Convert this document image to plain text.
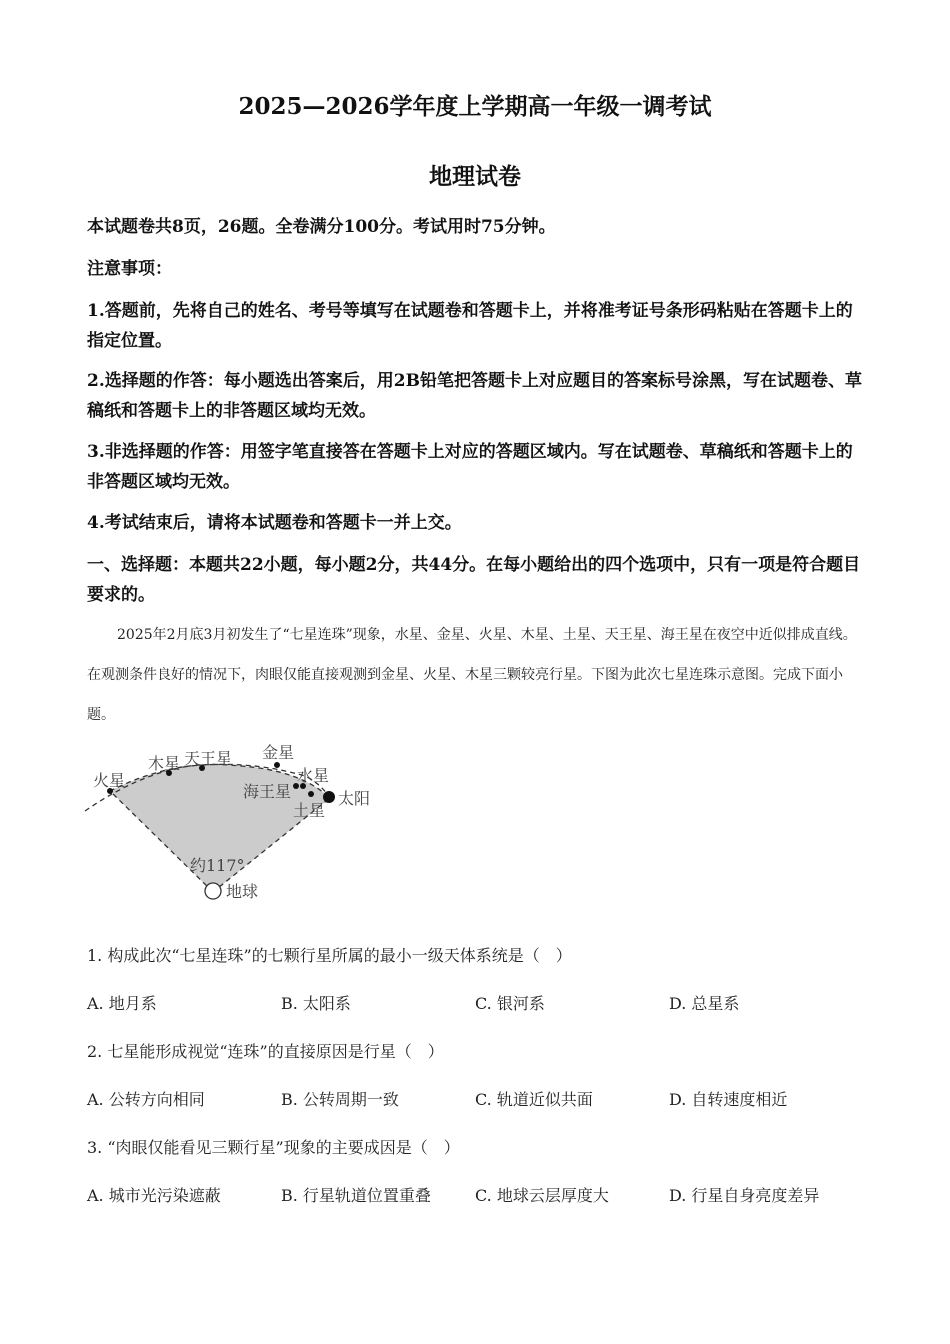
2025—2026学年度上学期高一年级一调考试
地理试卷
本试题卷共8页，26题。全卷满分100分。考试用时75分钟。
注意事项：
1.答题前，先将自己的姓名、考号等填写在试题卷和答题卡上，并将准考证号条形码粘贴在答题卡上的指定位置。
2.选择题的作答：每小题选出答案后，用2B铅笔把答题卡上对应题目的答案标号涂黑，写在试题卷、草稿纸和答题卡上的非答题区域均无效。
3.非选择题的作答：用签字笔直接答在答题卡上对应的答题区域内。写在试题卷、草稿纸和答题卡上的非答题区域均无效。
4.考试结束后，请将本试题卷和答题卡一并上交。
一、选择题：本题共22小题，每小题2分，共44分。在每小题给出的四个选项中，只有一项是符合题目要求的。

2025年2月底3月初发生了“七星连珠”现象，水星、金星、火星、木星、土星、天王星、海王星在夜空中近似排成直线。在观测条件良好的情况下，肉眼仅能直接观测到金星、火星、木星三颗较亮行星。下图为此次七星连珠示意图。完成下面小题。

火星
木星 天王星 金星
水星
海王星	太阳
土星
约117°
地球
1. 构成此次“七星连珠”的七颗行星所属的最小一级天体系统是（　）
A. 地月系	B. 太阳系	C. 银河系	D. 总星系
2. 七星能形成视觉“连珠”的直接原因是行星（　）
A. 公转方向相同	B. 公转周期一致	C. 轨道近似共面	D. 自转速度相近
3. “肉眼仅能看见三颗行星”现象的主要成因是（　）
A. 城市光污染遮蔽	B. 行星轨道位置重叠	C. 地球云层厚度大	D. 行星自身亮度差异
